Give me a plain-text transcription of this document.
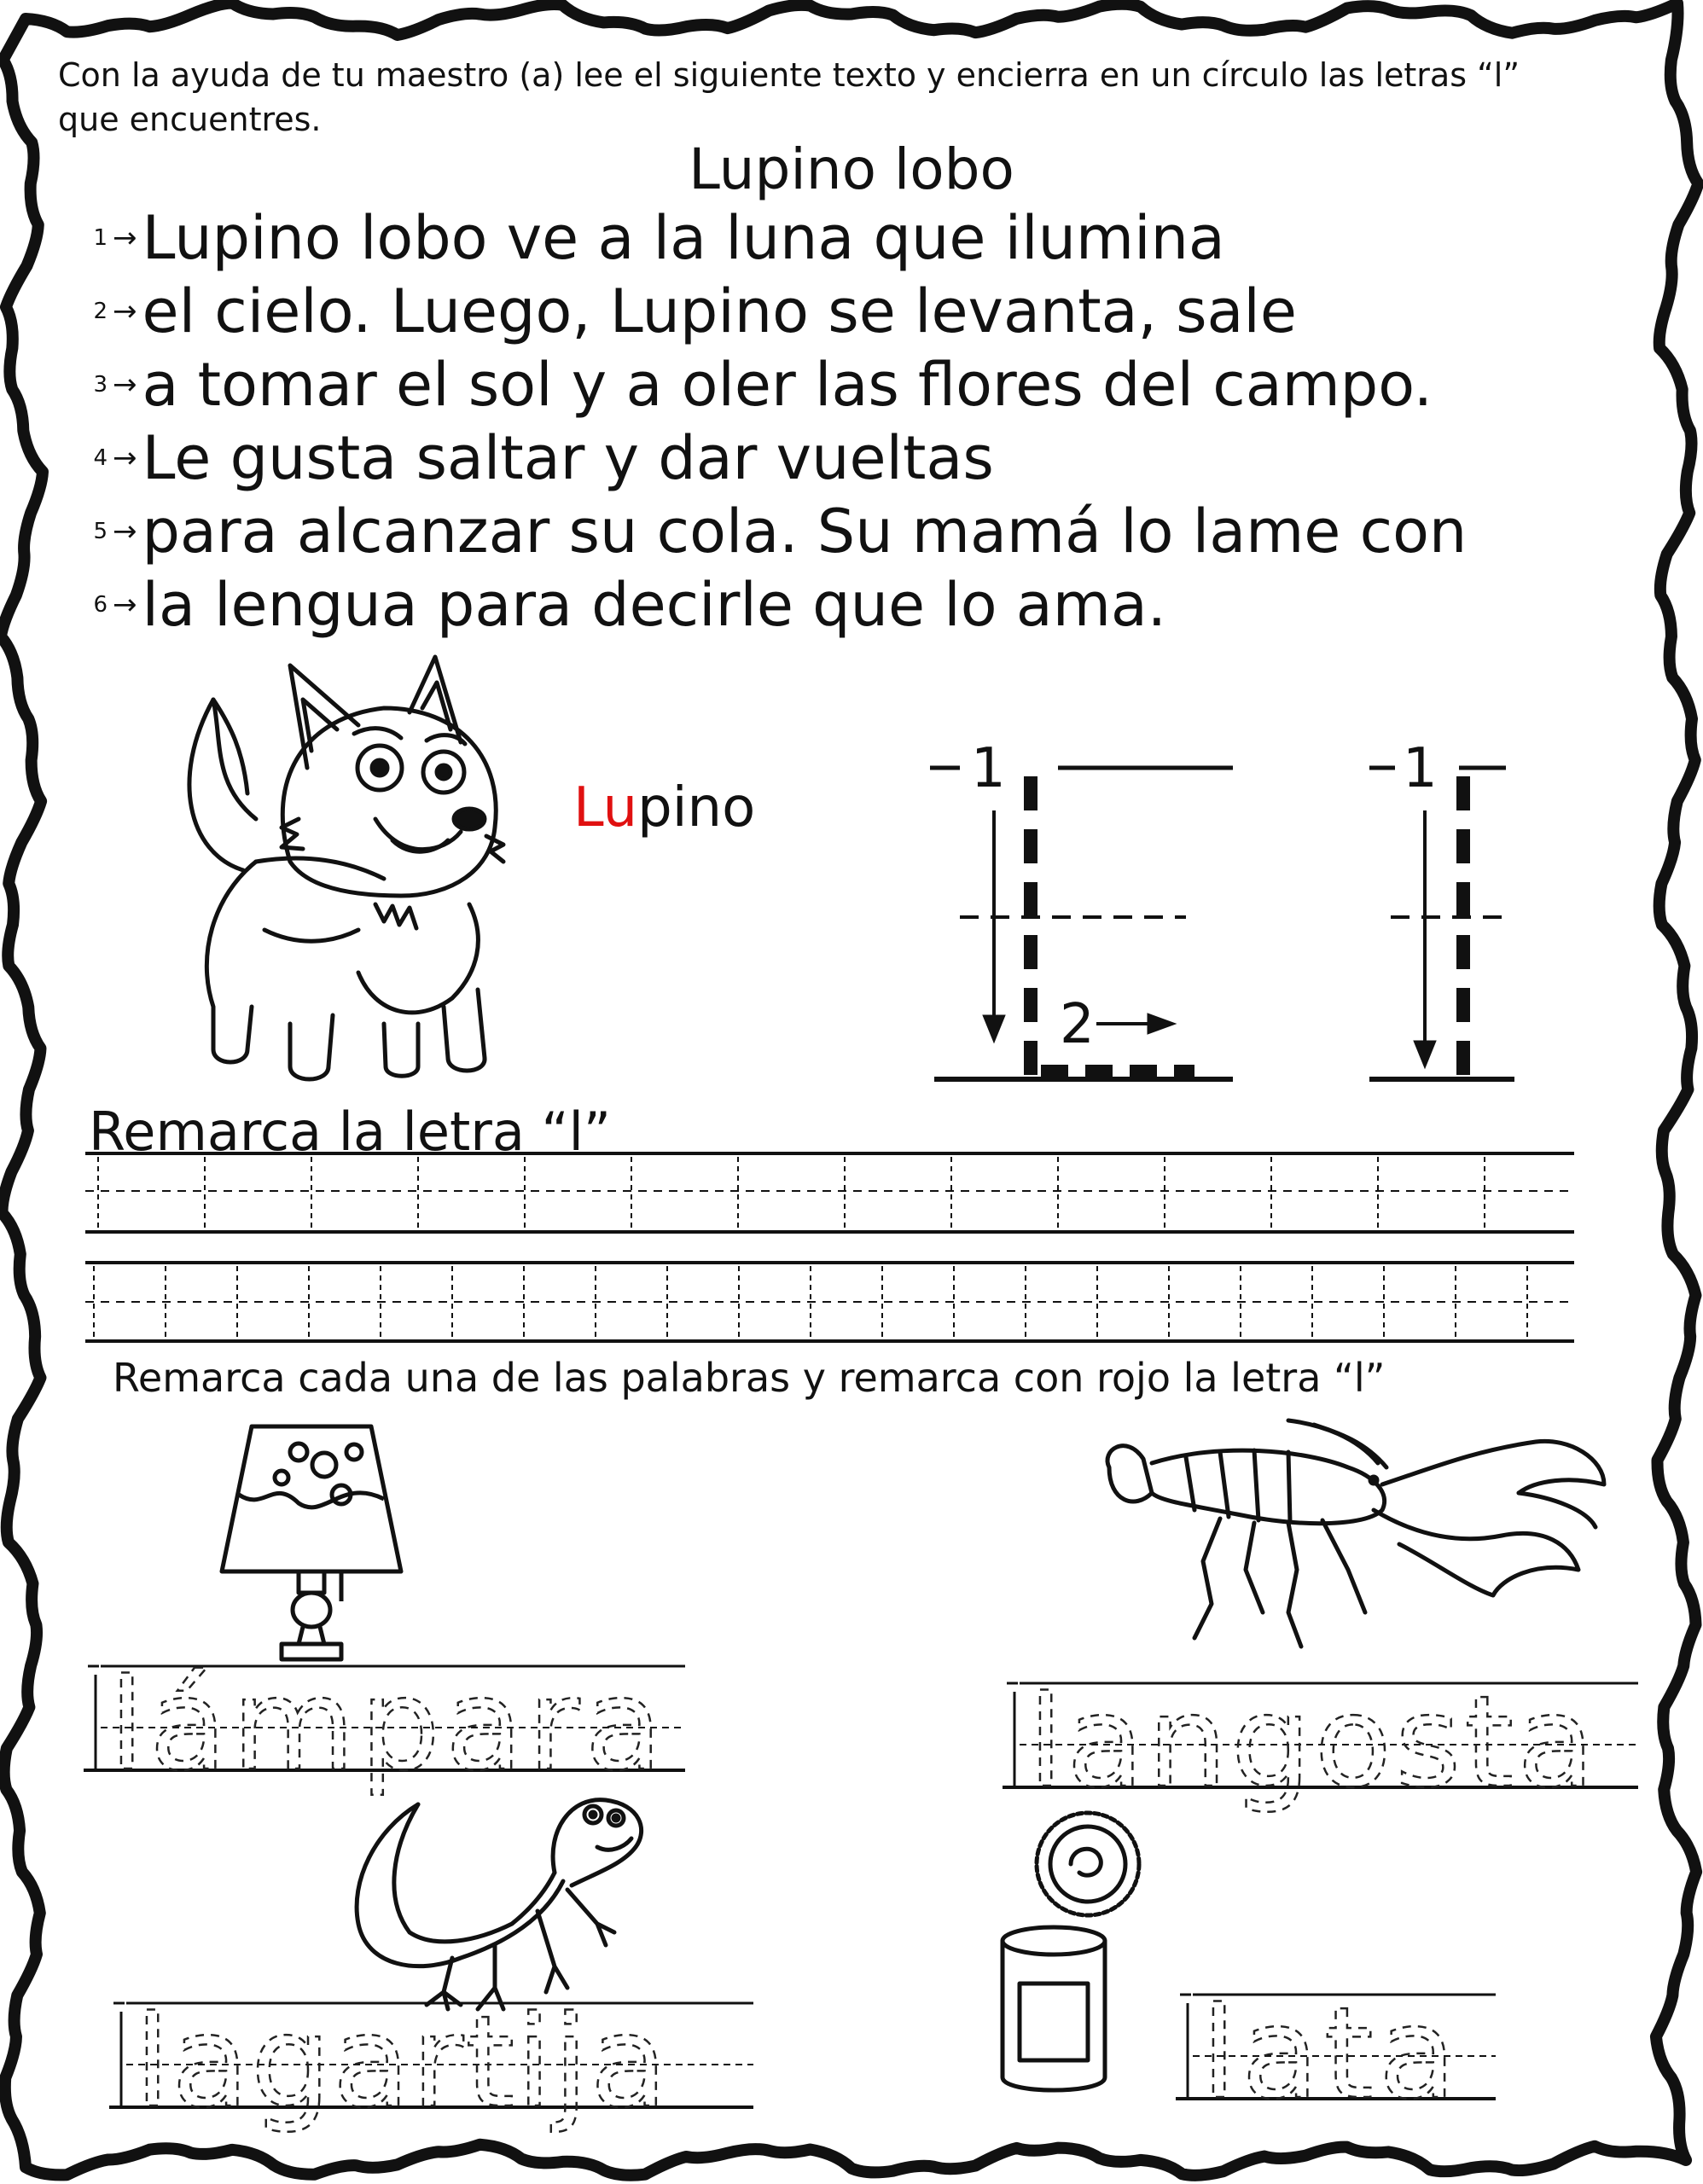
Con la ayuda de tu maestro (a) lee el siguiente texto y encierra en un círculo las letras “l” que encuentres.
Lupino lobo
1 → Lupino lobo ve a la luna que ilumina
2 → el cielo. Luego, Lupino se levanta, sale
3 → a tomar el sol y a oler las flores del campo.
4 → Le gusta saltar y dar vueltas
5 → para alcanzar su cola. Su mamá lo lame con
6 → la lengua para decirle que lo ama.
Lupino
1
2
1
Remarca la letra “l”
Remarca cada una de las palabras y remarca con rojo la letra “l”
lámpara	langosta
lagartija	lata
